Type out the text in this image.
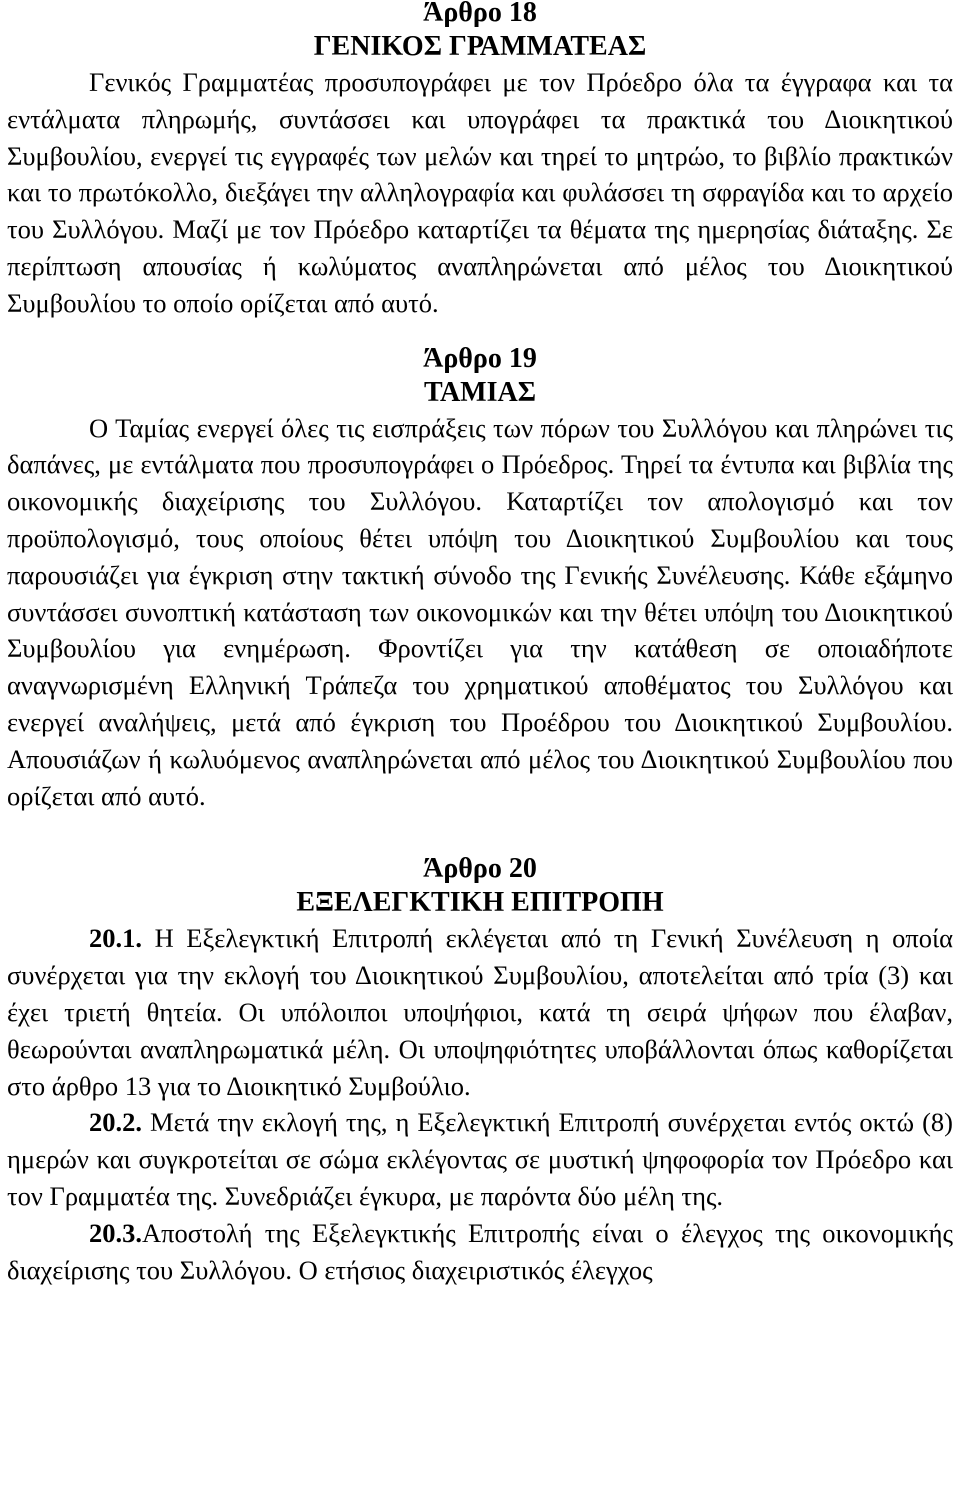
Άρθρο 18
ΓΕΝΙΚΟΣ ΓΡΑΜΜΑΤΕΑΣ

Γενικός Γραμματέας προσυπογράφει με τον Πρόεδρο όλα τα έγγραφα και τα εντάλματα πληρωμής, συντάσσει και υπογράφει τα πρακτικά του Διοικητικού Συμβουλίου, ενεργεί τις εγγραφές των μελών και τηρεί το μητρώο, το βιβλίο πρακτικών και το πρωτόκολλο, διεξάγει την αλληλογραφία και φυλάσσει τη σφραγίδα και το αρχείο του Συλλόγου. Μαζί με τον Πρόεδρο καταρτίζει τα θέματα της ημερησίας διάταξης. Σε περίπτωση απουσίας ή κωλύματος αναπληρώνεται από μέλος του Διοικητικού Συμβουλίου το οποίο ορίζεται από αυτό.

Άρθρο 19
ΤΑΜΙΑΣ

Ο Ταμίας ενεργεί όλες τις εισπράξεις των πόρων του Συλλόγου και πληρώνει τις δαπάνες, με εντάλματα που προσυπογράφει ο Πρόεδρος. Τηρεί τα έντυπα και βιβλία της οικονομικής διαχείρισης του Συλλόγου. Καταρτίζει τον απολογισμό και τον προϋπολογισμό, τους οποίους θέτει υπόψη του Διοικητικού Συμβουλίου και τους παρουσιάζει για έγκριση στην τακτική σύνοδο της Γενικής Συνέλευσης. Κάθε εξάμηνο συντάσσει συνοπτική κατάσταση των οικονομικών και την θέτει υπόψη του Διοικητικού Συμβουλίου για ενημέρωση. Φροντίζει για την κατάθεση σε οποιαδήποτε αναγνωρισμένη Ελληνική Τράπεζα του χρηματικού αποθέματος του Συλλόγου και ενεργεί αναλήψεις, μετά από έγκριση του Προέδρου του Διοικητικού Συμβουλίου. Απουσιάζων ή κωλυόμενος αναπληρώνεται από μέλος του Διοικητικού Συμβουλίου που ορίζεται από αυτό.

Άρθρο 20
ΕΞΕΛΕΓΚΤΙΚΗ ΕΠΙΤΡΟΠΗ

20.1. Η Εξελεγκτική Επιτροπή εκλέγεται από τη Γενική Συνέλευση η οποία συνέρχεται για την εκλογή του Διοικητικού Συμβουλίου, αποτελείται από τρία (3) και έχει τριετή θητεία. Οι υπόλοιποι υποψήφιοι, κατά τη σειρά ψήφων που έλαβαν, θεωρούνται αναπληρωματικά μέλη. Οι υποψηφιότητες υποβάλλονται όπως καθορίζεται στο άρθρο 13 για το Διοικητικό Συμβούλιο.

20.2. Μετά την εκλογή της, η Εξελεγκτική Επιτροπή συνέρχεται εντός οκτώ (8) ημερών και συγκροτείται σε σώμα εκλέγοντας σε μυστική ψηφοφορία τον Πρόεδρο και τον Γραμματέα της. Συνεδριάζει έγκυρα, με παρόντα δύο μέλη της.

20.3.Αποστολή της Εξελεγκτικής Επιτροπής είναι ο έλεγχος της οικονομικής διαχείρισης του Συλλόγου. Ο ετήσιος διαχειριστικός έλεγχος
